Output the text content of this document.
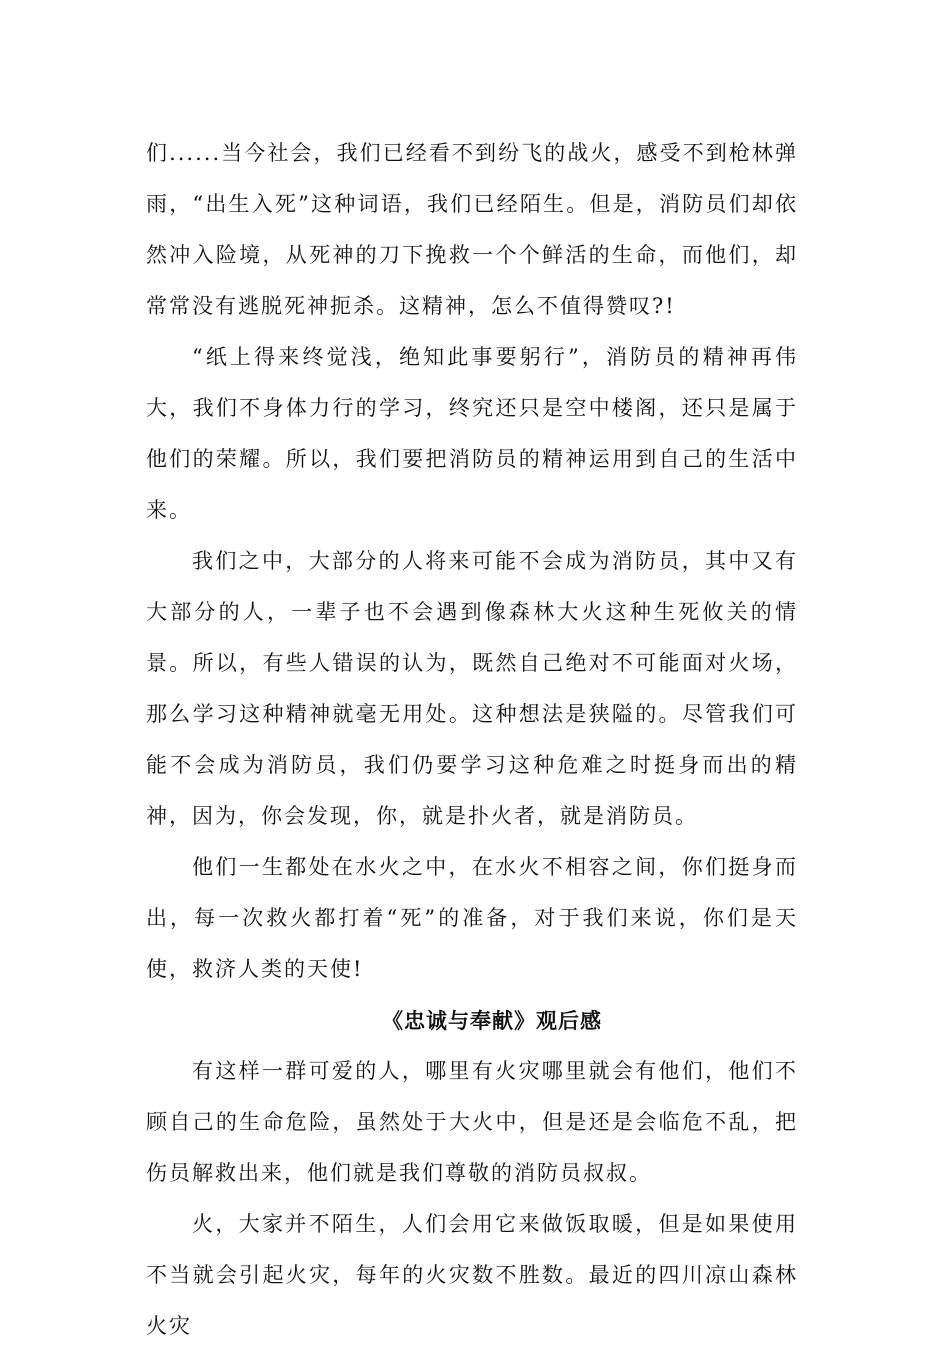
们......当今社会，我们已经看不到纷飞的战火，感受不到枪林弹雨，“出生入死”这种词语，我们已经陌生。但是，消防员们却依然冲入险境，从死神的刀下挽救一个个鲜活的生命，而他们，却常常没有逃脱死神扼杀。这精神，怎么不值得赞叹?!

“纸上得来终觉浅，绝知此事要躬行”，消防员的精神再伟大，我们不身体力行的学习，终究还只是空中楼阁，还只是属于他们的荣耀。所以，我们要把消防员的精神运用到自己的生活中来。

我们之中，大部分的人将来可能不会成为消防员，其中又有大部分的人，一辈子也不会遇到像森林大火这种生死攸关的情景。所以，有些人错误的认为，既然自己绝对不可能面对火场，那么学习这种精神就毫无用处。这种想法是狭隘的。尽管我们可能不会成为消防员，我们仍要学习这种危难之时挺身而出的精神，因为，你会发现，你，就是扑火者，就是消防员。

他们一生都处在水火之中，在水火不相容之间，你们挺身而出，每一次救火都打着“死”的准备，对于我们来说，你们是天使，救济人类的天使!

《忠诚与奉献》观后感

有这样一群可爱的人，哪里有火灾哪里就会有他们，他们不顾自己的生命危险，虽然处于大火中，但是还是会临危不乱，把伤员解救出来，他们就是我们尊敬的消防员叔叔。

火，大家并不陌生，人们会用它来做饭取暖，但是如果使用不当就会引起火灾，每年的火灾数不胜数。最近的四川凉山森林火灾
